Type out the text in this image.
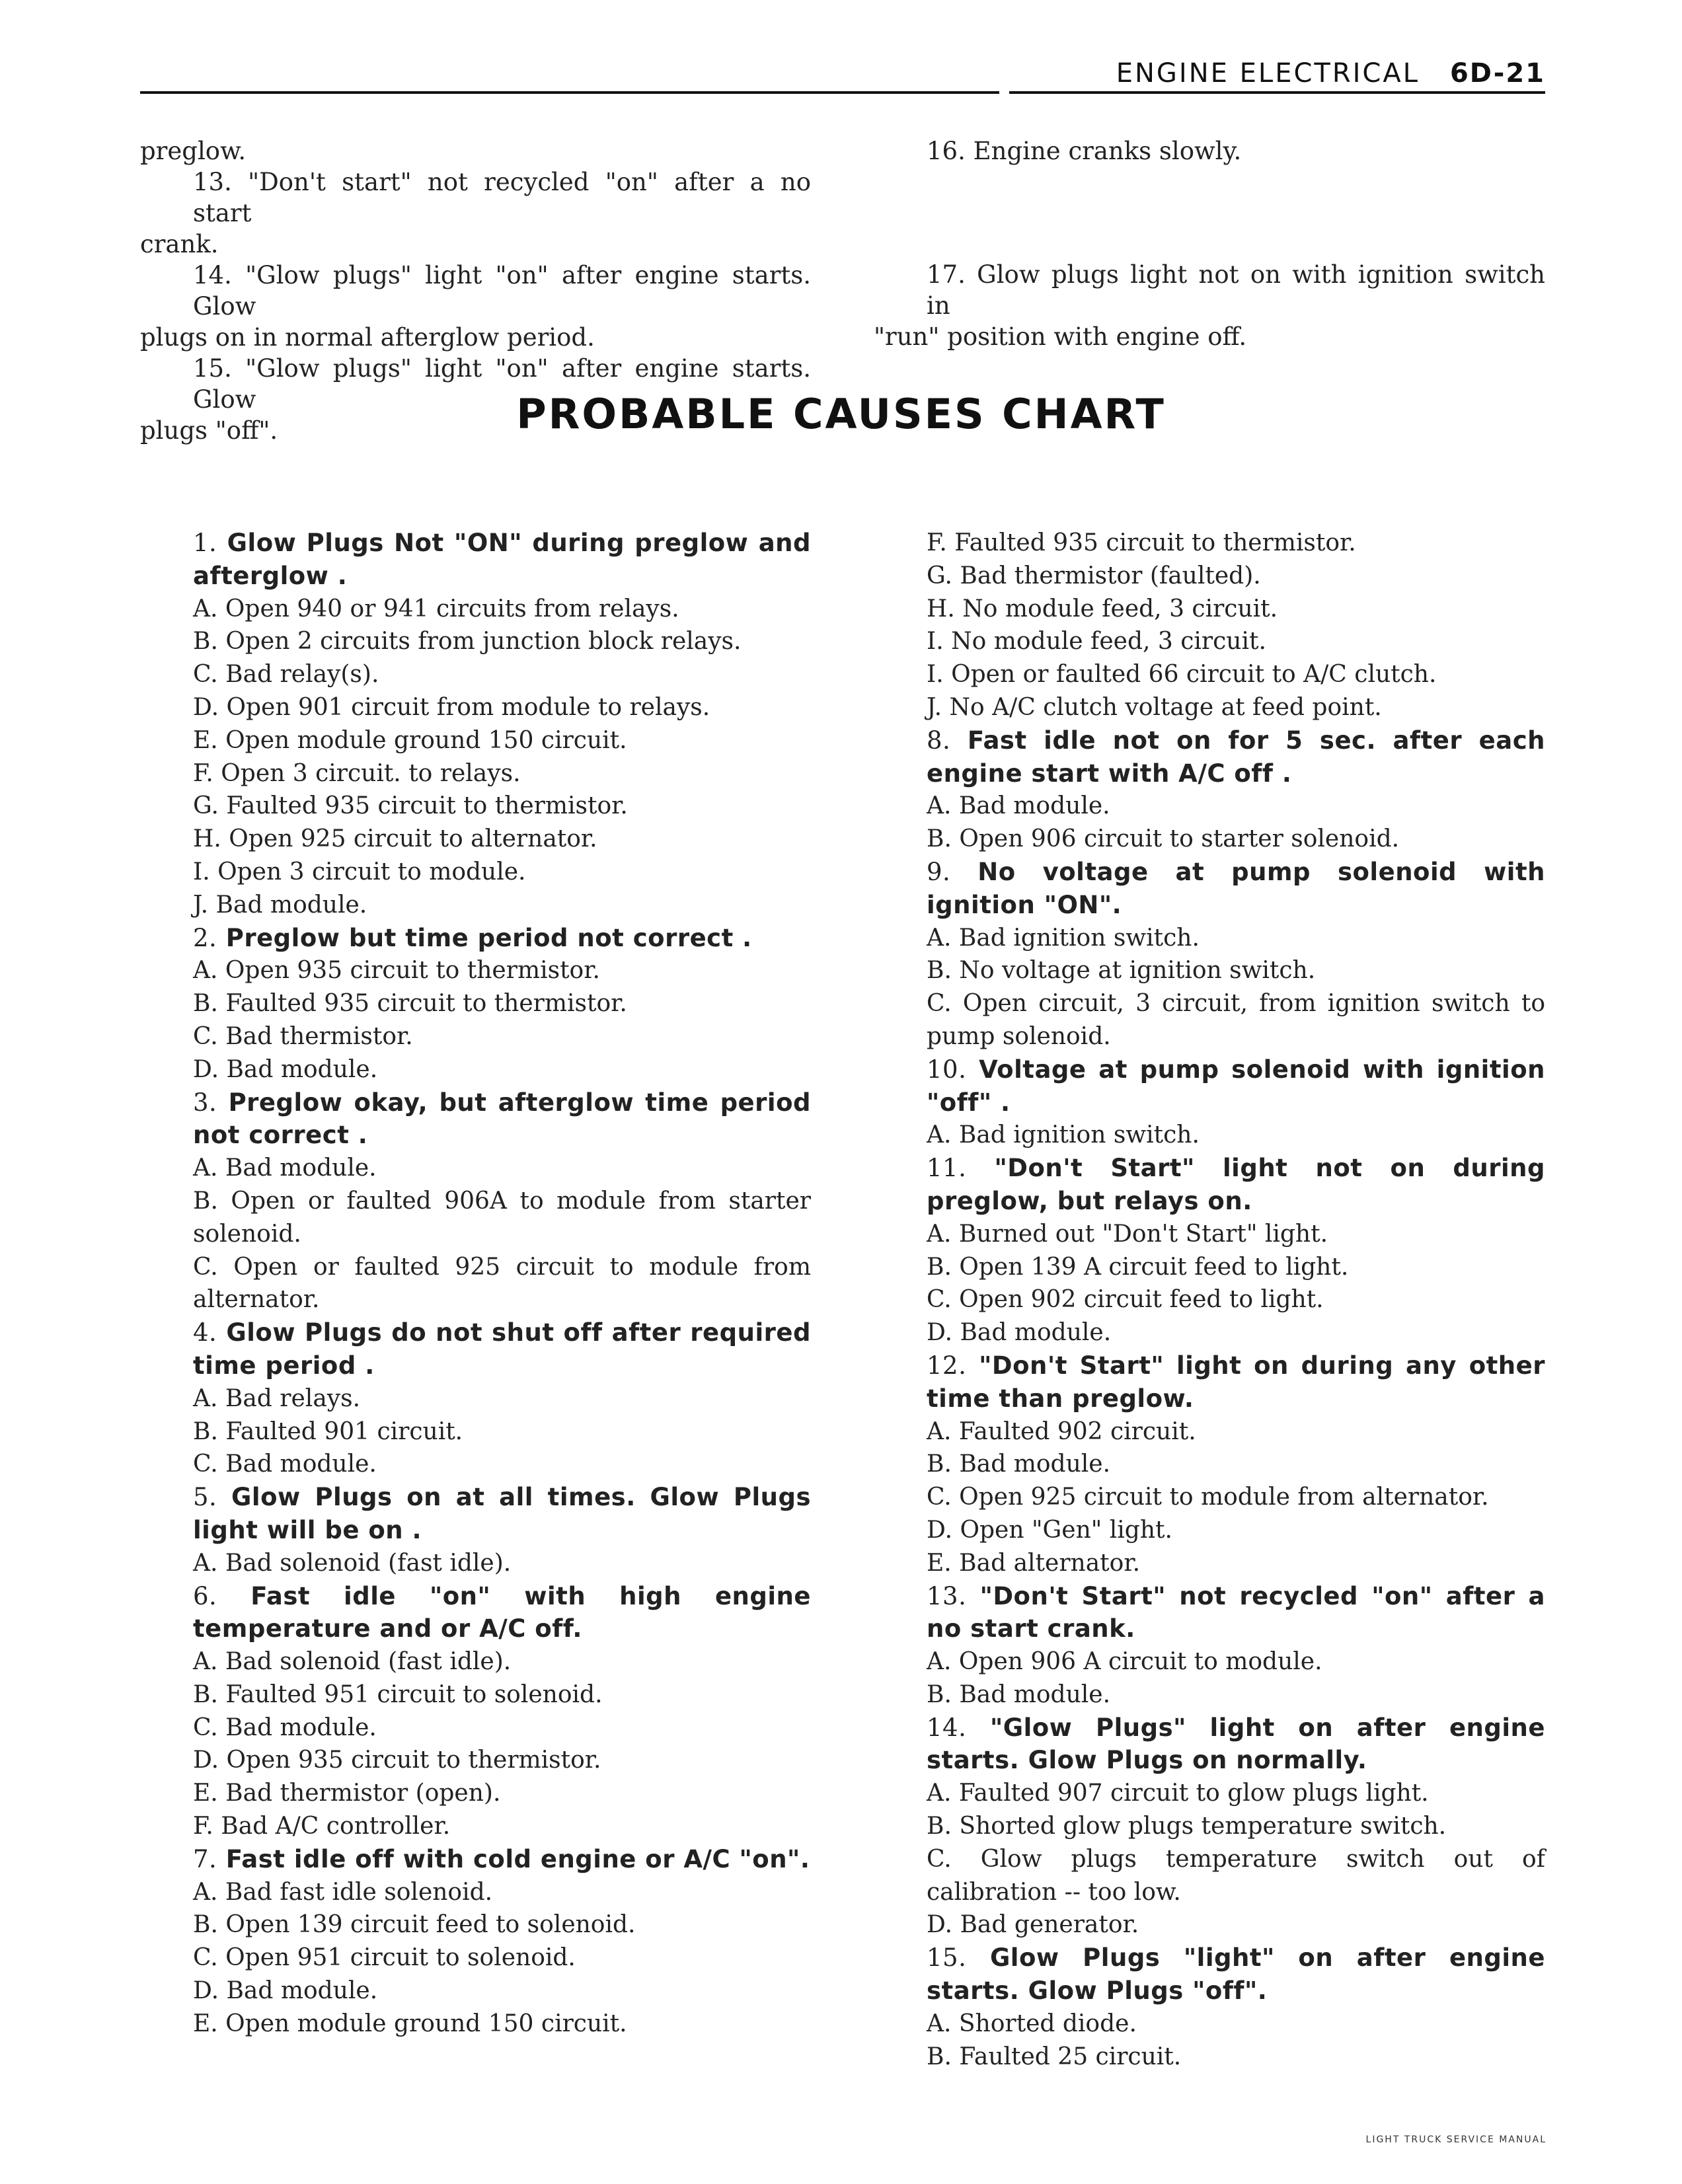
ENGINE ELECTRICAL 6D-21
preglow.
13. "Don't start" not recycled "on" after a no start
crank.
14. "Glow plugs" light "on" after engine starts. Glow
plugs on in normal afterglow period.
15. "Glow plugs" light "on" after engine starts. Glow
plugs "off".
16. Engine cranks slowly.
17. Glow plugs light not on with ignition switch in
"run" position with engine off.
PROBABLE CAUSES CHART
1. Glow Plugs Not "ON" during preglow and afterglow .
A. Open 940 or 941 circuits from relays.
B. Open 2 circuits from junction block relays.
C. Bad relay(s).
D. Open 901 circuit from module to relays.
E. Open module ground 150 circuit.
F. Open 3 circuit. to relays.
G. Faulted 935 circuit to thermistor.
H. Open 925 circuit to alternator.
I. Open 3 circuit to module.
J. Bad module.
2. Preglow but time period not correct .
A. Open 935 circuit to thermistor.
B. Faulted 935 circuit to thermistor.
C. Bad thermistor.
D. Bad module.
3. Preglow okay, but afterglow time period not correct .
A. Bad module.
B. Open or faulted 906A to module from starter solenoid.
C. Open or faulted 925 circuit to module from alternator.
4. Glow Plugs do not shut off after required time period .
A. Bad relays.
B. Faulted 901 circuit.
C. Bad module.
5. Glow Plugs on at all times. Glow Plugs light will be on .
A. Bad solenoid (fast idle).
6. Fast idle "on" with high engine temperature and or A/C off.
A. Bad solenoid (fast idle).
B. Faulted 951 circuit to solenoid.
C. Bad module.
D. Open 935 circuit to thermistor.
E. Bad thermistor (open).
F. Bad A/C controller.
7. Fast idle off with cold engine or A/C "on".
A. Bad fast idle solenoid.
B. Open 139 circuit feed to solenoid.
C. Open 951 circuit to solenoid.
D. Bad module.
E. Open module ground 150 circuit.
F. Faulted 935 circuit to thermistor.
G. Bad thermistor (faulted).
H. No module feed, 3 circuit.
I. No module feed, 3 circuit.
I. Open or faulted 66 circuit to A/C clutch.
J. No A/C clutch voltage at feed point.
8. Fast idle not on for 5 sec. after each engine start with A/C off .
A. Bad module.
B. Open 906 circuit to starter solenoid.
9. No voltage at pump solenoid with ignition "ON".
A. Bad ignition switch.
B. No voltage at ignition switch.
C. Open circuit, 3 circuit, from ignition switch to pump solenoid.
10. Voltage at pump solenoid with ignition "off" .
A. Bad ignition switch.
11. "Don't Start" light not on during preglow, but relays on.
A. Burned out "Don't Start" light.
B. Open 139 A circuit feed to light.
C. Open 902 circuit feed to light.
D. Bad module.
12. "Don't Start" light on during any other time than preglow.
A. Faulted 902 circuit.
B. Bad module.
C. Open 925 circuit to module from alternator.
D. Open "Gen" light.
E. Bad alternator.
13. "Don't Start" not recycled "on" after a no start crank.
A. Open 906 A circuit to module.
B. Bad module.
14. "Glow Plugs" light on after engine starts. Glow Plugs on normally.
A. Faulted 907 circuit to glow plugs light.
B. Shorted glow plugs temperature switch.
C. Glow plugs temperature switch out of calibration -- too low.
D. Bad generator.
15. Glow Plugs "light" on after engine starts. Glow Plugs "off".
A. Shorted diode.
B. Faulted 25 circuit.
LIGHT TRUCK SERVICE MANUAL
